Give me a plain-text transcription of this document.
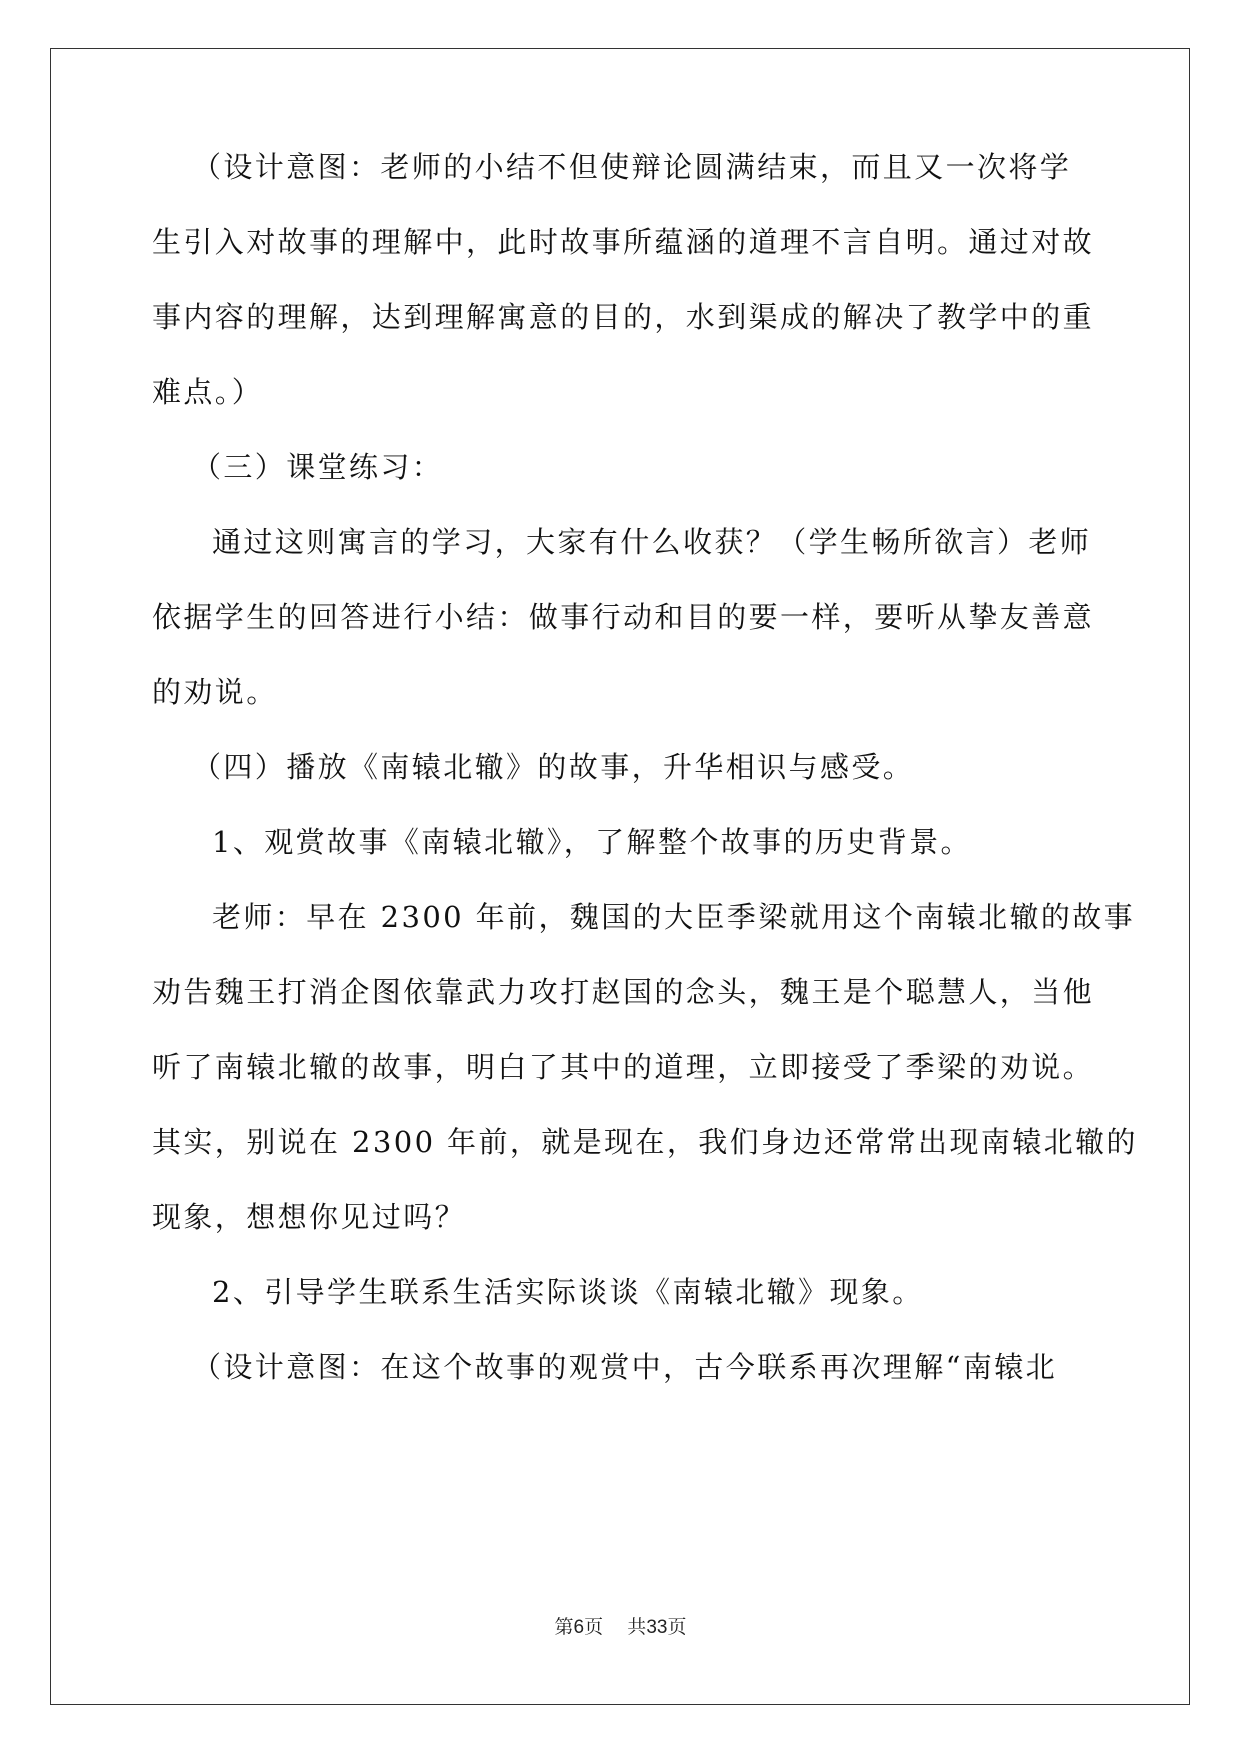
（设计意图：老师的小结不但使辩论圆满结束，而且又一次将学
生引入对故事的理解中，此时故事所蕴涵的道理不言自明。通过对故
事内容的理解，达到理解寓意的目的，水到渠成的解决了教学中的重
难点。）
（三）课堂练习：
通过这则寓言的学习，大家有什么收获？（学生畅所欲言）老师
依据学生的回答进行小结：做事行动和目的要一样，要听从挚友善意
的劝说。
（四）播放《南辕北辙》的故事，升华相识与感受。
1、观赏故事《南辕北辙》，了解整个故事的历史背景。
老师：早在 2300 年前，魏国的大臣季梁就用这个南辕北辙的故事
劝告魏王打消企图依靠武力攻打赵国的念头，魏王是个聪慧人，当他
听了南辕北辙的故事，明白了其中的道理，立即接受了季梁的劝说。
其实，别说在 2300 年前，就是现在，我们身边还常常出现南辕北辙的
现象，想想你见过吗？
2、引导学生联系生活实际谈谈《南辕北辙》现象。
（设计意图：在这个故事的观赏中，古今联系再次理解“南辕北
第6页 共33页
